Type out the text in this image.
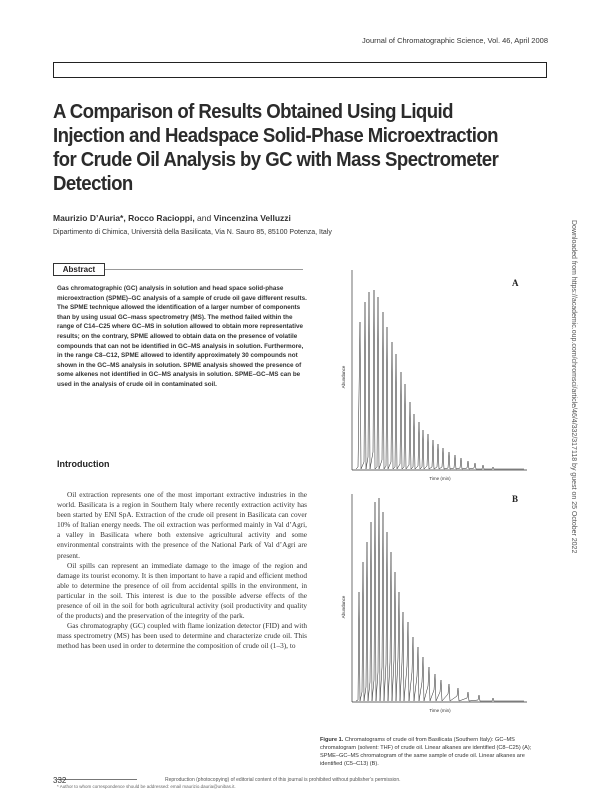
Journal of Chromatographic Science, Vol. 46, April 2008
A Comparison of Results Obtained Using Liquid Injection and Headspace Solid-Phase Microextraction for Crude Oil Analysis by GC with Mass Spectrometer Detection
Maurizio D’Auria*, Rocco Racioppi, and Vincenzina Velluzzi
Dipartimento di Chimica, Università della Basilicata, Via N. Sauro 85, 85100 Potenza, Italy
Abstract
Gas chromatographic (GC) analysis in solution and head space solid-phase microextraction (SPME)–GC analysis of a sample of crude oil gave different results. The SPME technique allowed the identification of a larger number of components than by using usual GC–mass spectrometry (MS). The method failed within the range of C14–C25 where GC–MS in solution allowed to obtain more representative results; on the contrary, SPME allowed to obtain data on the presence of volatile compounds that can not be identified in GC–MS analysis in solution. Furthermore, in the range C8–C12, SPME allowed to identify approximately 30 compounds not shown in the GC–MS analysis in solution. SPME analysis showed the presence of some alkenes not identified in GC–MS analysis in solution. SPME–GC–MS can be used in the analysis of crude oil in contaminated soil.
Introduction

Oil extraction represents one of the most important extractive industries in the world. Basilicata is a region in Southern Italy where recently extraction activity has been started by ENI SpA. Extraction of the crude oil present in Basilicata can cover 10% of Italian energy needs. The oil extraction was performed mainly in Val d’Agri, a valley in Basilicata where both extensive agricultural activity and some environmental constraints with the presence of the National Park of Val d’Agri are present.

Oil spills can represent an immediate damage to the image of the region and damage its tourist economy. It is then important to have a rapid and efficient method able to determine the presence of oil from accidental spills in the environment, in particular in the soil. This interest is due to the possible adverse effects of the presence of oil in the soil for both agricultural activity (soil productivity and quality of the products) and the preservation of the integrity of the park.

Gas chromatography (GC) coupled with flame ionization detector (FID) and with mass spectrometry (MS) has been used to determine and characterize crude oil. This method has been used in order to determine the composition of crude oil (1–3), to

* Author to whom correspondence should be addressed: email maurizio.dauria@unibas.it.
Downloaded from https://academic.oup.com/chromsci/article/46/4/332/317118 by guest on 25 October 2022
Abundance
Time (min)
A
Abundance
Time (min)
B
Figure 1. Chromatograms of crude oil from Basilicata (Southern Italy): GC–MS chromatogram (solvent: THF) of crude oil. Linear alkanes are identified (C8–C25) (A); SPME–GC–MS chromatogram of the same sample of crude oil. Linear alkanes are identified (C5–C13) (B).
332	Reproduction (photocopying) of editorial content of this journal is prohibited without publisher’s permission.
